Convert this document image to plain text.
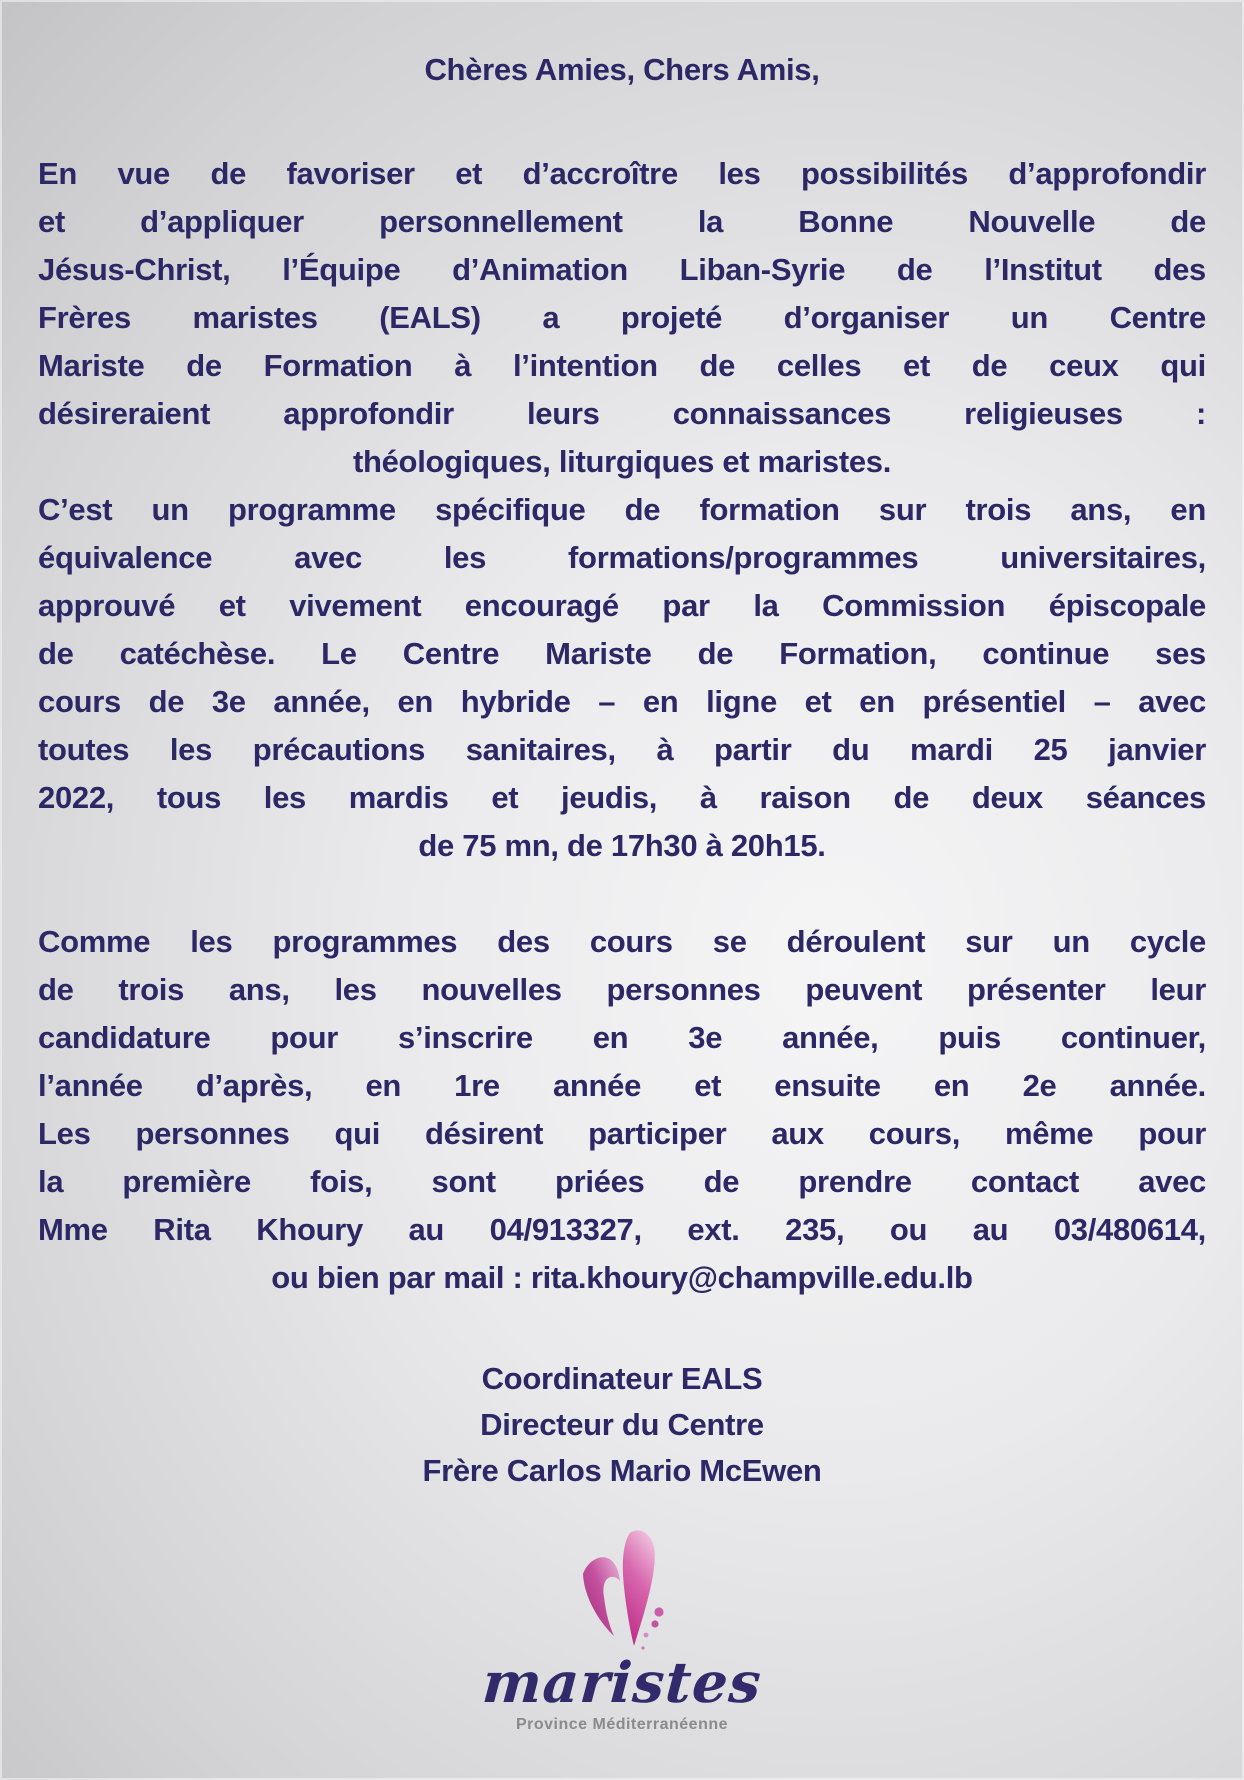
Chères Amies, Chers Amis,
En vue de favoriser et d’accroître les possibilités d’approfondir
et d’appliquer personnellement la Bonne Nouvelle de
Jésus-Christ, l’Équipe d’Animation Liban-Syrie de l’Institut des
Frères maristes (EALS) a projeté d’organiser un Centre
Mariste de Formation à l’intention de celles et de ceux qui
désireraient approfondir leurs connaissances religieuses :
théologiques, liturgiques et maristes.
C’est un programme spécifique de formation sur trois ans, en
équivalence avec les formations/programmes universitaires,
approuvé et vivement encouragé par la Commission épiscopale
de catéchèse. Le Centre Mariste de Formation, continue ses
cours de 3e année, en hybride – en ligne et en présentiel – avec
toutes les précautions sanitaires, à partir du mardi 25 janvier
2022, tous les mardis et jeudis, à raison de deux séances
de 75 mn, de 17h30 à 20h15.
Comme les programmes des cours se déroulent sur un cycle
de trois ans, les nouvelles personnes peuvent présenter leur
candidature pour s’inscrire en 3e année, puis continuer,
l’année d’après, en 1re année et ensuite en 2e année.
Les personnes qui désirent participer aux cours, même pour
la première fois, sont priées de prendre contact avec
Mme Rita Khoury au 04/913327, ext. 235, ou au 03/480614,
ou bien par mail : rita.khoury@champville.edu.lb
Coordinateur EALS
Directeur du Centre
Frère Carlos Mario McEwen
maristes
Province Méditerranéenne
